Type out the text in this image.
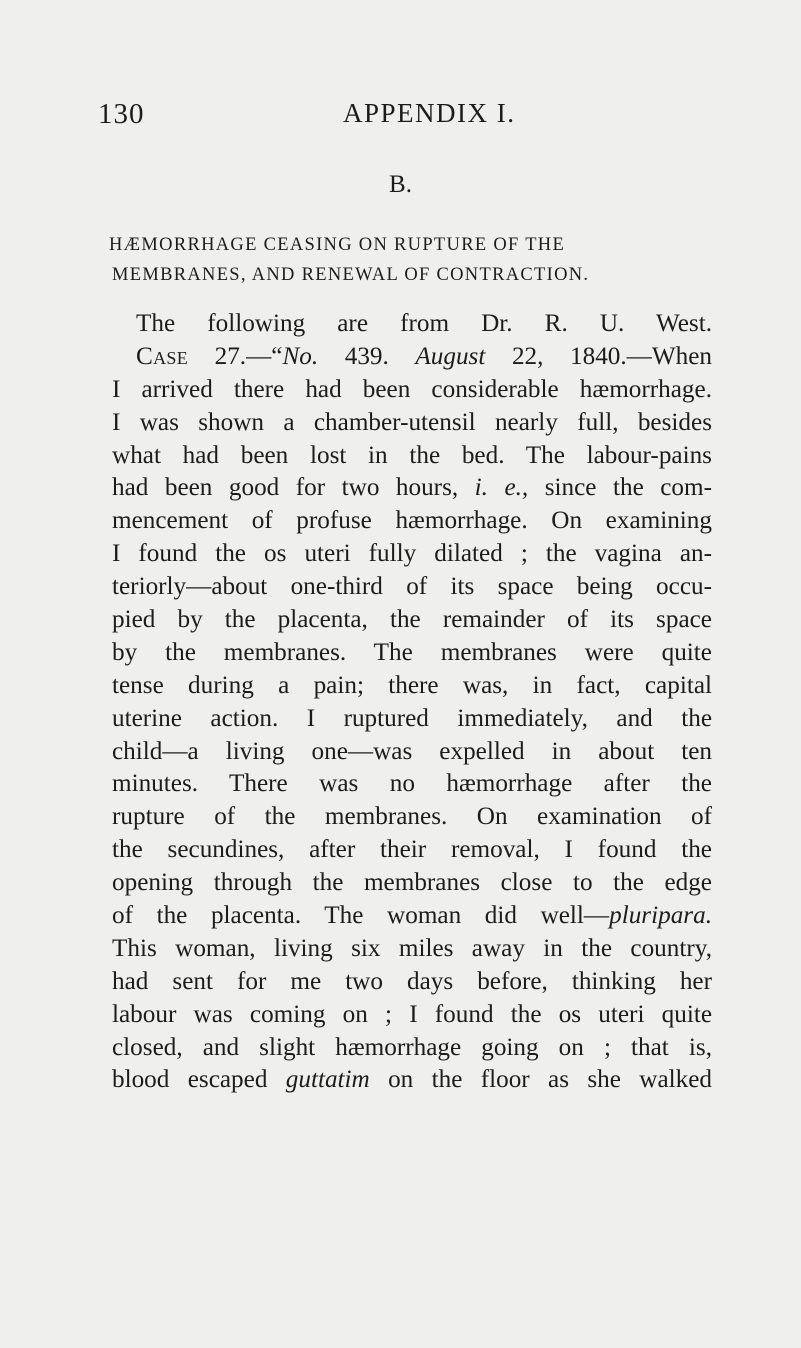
130	APPENDIX I.
B.
HÆMORRHAGE CEASING ON RUPTURE OF THE
MEMBRANES, AND RENEWAL OF CONTRACTION.
The following are from Dr. R. U. West.
Case 27.—“No. 439. August 22, 1840.—When
I arrived there had been considerable hæmorrhage.
I was shown a chamber-utensil nearly full, besides
what had been lost in the bed. The labour-pains
had been good for two hours, i. e., since the com-
mencement of profuse hæmorrhage. On examining
I found the os uteri fully dilated ; the vagina an-
teriorly—about one-third of its space being occu-
pied by the placenta, the remainder of its space
by the membranes. The membranes were quite
tense during a pain; there was, in fact, capital
uterine action. I ruptured immediately, and the
child—a living one—was expelled in about ten
minutes. There was no hæmorrhage after the
rupture of the membranes. On examination of
the secundines, after their removal, I found the
opening through the membranes close to the edge
of the placenta. The woman did well—pluripara.
This woman, living six miles away in the country,
had sent for me two days before, thinking her
labour was coming on ; I found the os uteri quite
closed, and slight hæmorrhage going on ; that is,
blood escaped guttatim on the floor as she walked
